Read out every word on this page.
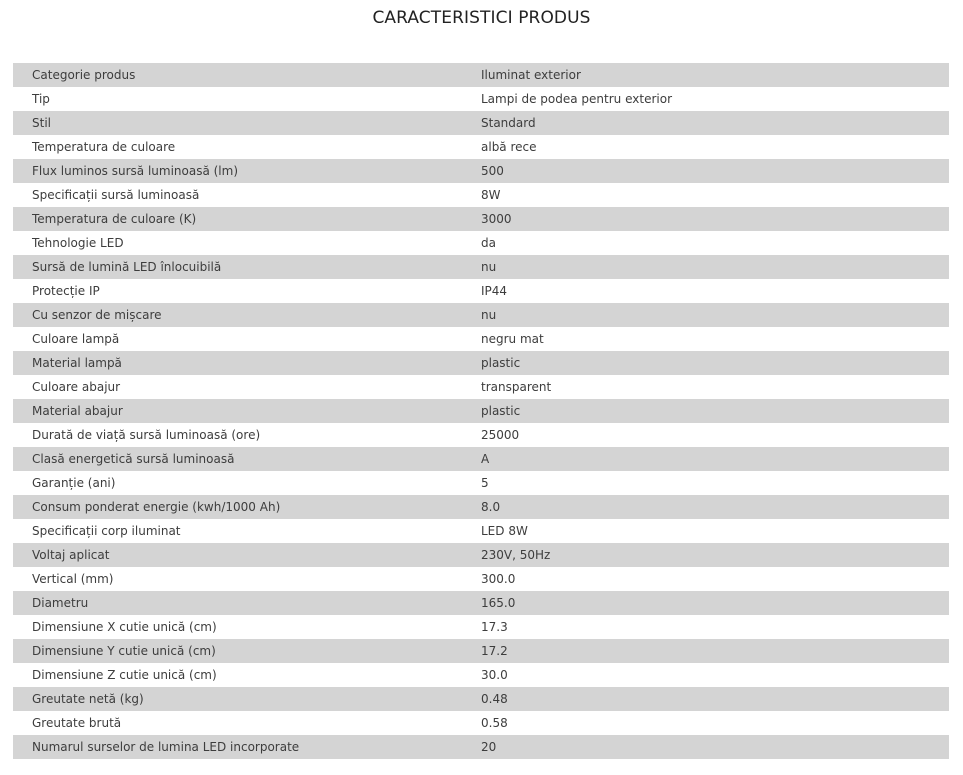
CARACTERISTICI PRODUS
Categorie produs	Iluminat exterior
Tip	Lampi de podea pentru exterior
Stil	Standard
Temperatura de culoare	albă rece
Flux luminos sursă luminoasă (lm)	500
Specificații sursă luminoasă	8W
Temperatura de culoare (K)	3000
Tehnologie LED	da
Sursă de lumină LED înlocuibilă	nu
Protecție IP	IP44
Cu senzor de mișcare	nu
Culoare lampă	negru mat
Material lampă	plastic
Culoare abajur	transparent
Material abajur	plastic
Durată de viață sursă luminoasă (ore)	25000
Clasă energetică sursă luminoasă	A
Garanție (ani)	5
Consum ponderat energie (kwh/1000 Ah)	8.0
Specificații corp iluminat	LED 8W
Voltaj aplicat	230V, 50Hz
Vertical (mm)	300.0
Diametru	165.0
Dimensiune X cutie unică (cm)	17.3
Dimensiune Y cutie unică (cm)	17.2
Dimensiune Z cutie unică (cm)	30.0
Greutate netă (kg)	0.48
Greutate brută	0.58
Numarul surselor de lumina LED incorporate	20
